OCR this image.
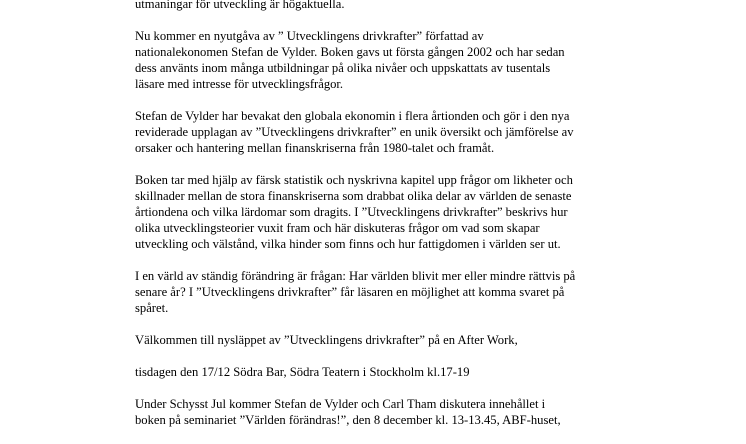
utmaningar för utveckling är högaktuella.

Nu kommer en nyutgåva av ” Utvecklingens drivkrafter” författad av
nationalekonomen Stefan de Vylder. Boken gavs ut första gången 2002 och har sedan
dess använts inom många utbildningar på olika nivåer och uppskattats av tusentals
läsare med intresse för utvecklingsfrågor.

Stefan de Vylder har bevakat den globala ekonomin i flera årtionden och gör i den nya
reviderade upplagan av ”Utvecklingens drivkrafter” en unik översikt och jämförelse av
orsaker och hantering mellan finanskriserna från 1980-talet och framåt.

Boken tar med hjälp av färsk statistik och nyskrivna kapitel upp frågor om likheter och
skillnader mellan de stora finanskriserna som drabbat olika delar av världen de senaste
årtiondena och vilka lärdomar som dragits. I ”Utvecklingens drivkrafter” beskrivs hur
olika utvecklingsteorier vuxit fram och här diskuteras frågor om vad som skapar
utveckling och välstånd, vilka hinder som finns och hur fattigdomen i världen ser ut.

I en värld av ständig förändring är frågan: Har världen blivit mer eller mindre rättvis på
senare år? I ”Utvecklingens drivkrafter” får läsaren en möjlighet att komma svaret på
spåret.

Välkommen till nysläppet av ”Utvecklingens drivkrafter” på en After Work,

tisdagen den 17/12 Södra Bar, Södra Teatern i Stockholm kl.17-19

Under Schysst Jul kommer Stefan de Vylder och Carl Tham diskutera innehållet i
boken på seminariet ”Världen förändras!”, den 8 december kl. 13-13.45, ABF-huset,
